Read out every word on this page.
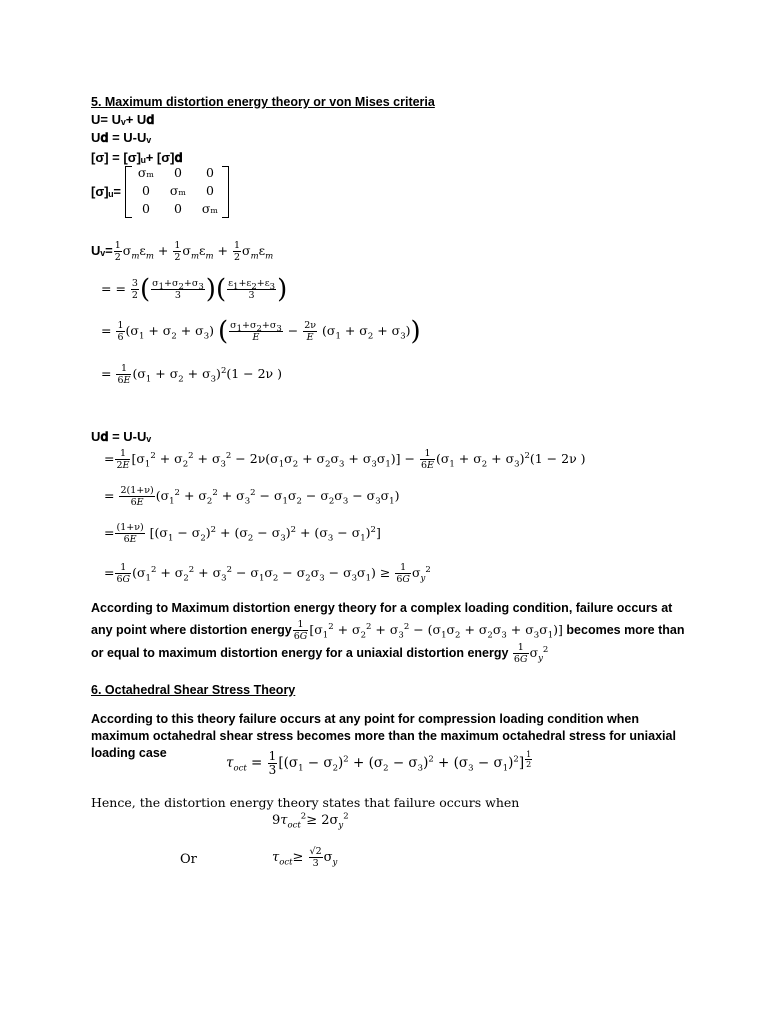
5. Maximum distortion energy theory or von Mises criteria
U= Uᵥ+ U𝐝
U𝐝 = U-Uᵥ
[σ] = [σ]ᵤ+ [σ]𝐝
[σ]ᵤ=
σₘ	0	0
0	σₘ	0
0	0	σₘ
Uᵥ= $\frac{1}{2} \sigma_m\varepsilon_m + \frac{1}{2} \sigma_m\varepsilon_m + \frac{1}{2} \sigma_m\varepsilon_m$
= = $\frac{3}{2}$ ( $\frac{\sigma_1+\sigma_2+\sigma_3}{3}$ )( $\frac{\varepsilon_1+\varepsilon_2+\varepsilon_3}{3}$ )
= $\frac{1}{6} (\sigma_1 + \sigma_2 + \sigma_3)$ ( $\frac{\sigma_1+\sigma_2+\sigma_3}{E} - \frac{2\nu}{E} (\sigma_1 + \sigma_2 + \sigma_3)$)
= $\frac{1}{6E} (\sigma_1 + \sigma_2 + \sigma_3)^2(1 - 2\nu$ )
U𝐝 = U-Uᵥ
= $\frac{1}{2E} [\sigma_1^2 + \sigma_2^2 + \sigma_3^2 - 2\nu(\sigma_1\sigma_2 + \sigma_2\sigma_3 + \sigma_3\sigma_1)] - \frac{1}{6E} (\sigma_1 + \sigma_2 + \sigma_3)^2(1 - 2\nu$ )
= $\frac{2(1+\nu)}{6E} (\sigma_1^2 + \sigma_2^2 + \sigma_3^2 - \sigma_1\sigma_2 - \sigma_2\sigma_3 - \sigma_3\sigma_1)$
= $\frac{(1+\nu)}{6E} [(\sigma_1 - \sigma_2)^2 + (\sigma_2 - \sigma_3)^2 + (\sigma_3 - \sigma_1)^2]$
= $\frac{1}{6G} (\sigma_1^2 + \sigma_2^2 + \sigma_3^2 - \sigma_1\sigma_2 - \sigma_2\sigma_3 - \sigma_3\sigma_1) \ge \frac{1}{6G} \sigma_y^2$
According to Maximum distortion energy theory for a complex loading condition, failure occurs at any point where distortion energy $\frac{1}{6G} [\sigma_1^2 + \sigma_2^2 + \sigma_3^2 - (\sigma_1\sigma_2 + \sigma_2\sigma_3 + \sigma_3\sigma_1)]$ becomes more than or equal to maximum distortion energy for a uniaxial distortion energy $\frac{1}{6G} \sigma_y^2$
6. Octahedral Shear Stress Theory
According to this theory failure occurs at any point for compression loading condition when maximum octahedral shear stress becomes more than the maximum octahedral stress for uniaxial loading case
$\tau_{oct} = \frac{1}{3} [(\sigma_1 - \sigma_2)^2 + (\sigma_2 - \sigma_3)^2 + (\sigma_3 - \sigma_1)^2] \frac{1}{2}$
Hence, the distortion energy theory states that failure occurs when
$9\tau_{oct}^2\ge 2\sigma_y^2$
Or	$\tau_{oct}\ge \frac{√2}{3} \sigma_y$
